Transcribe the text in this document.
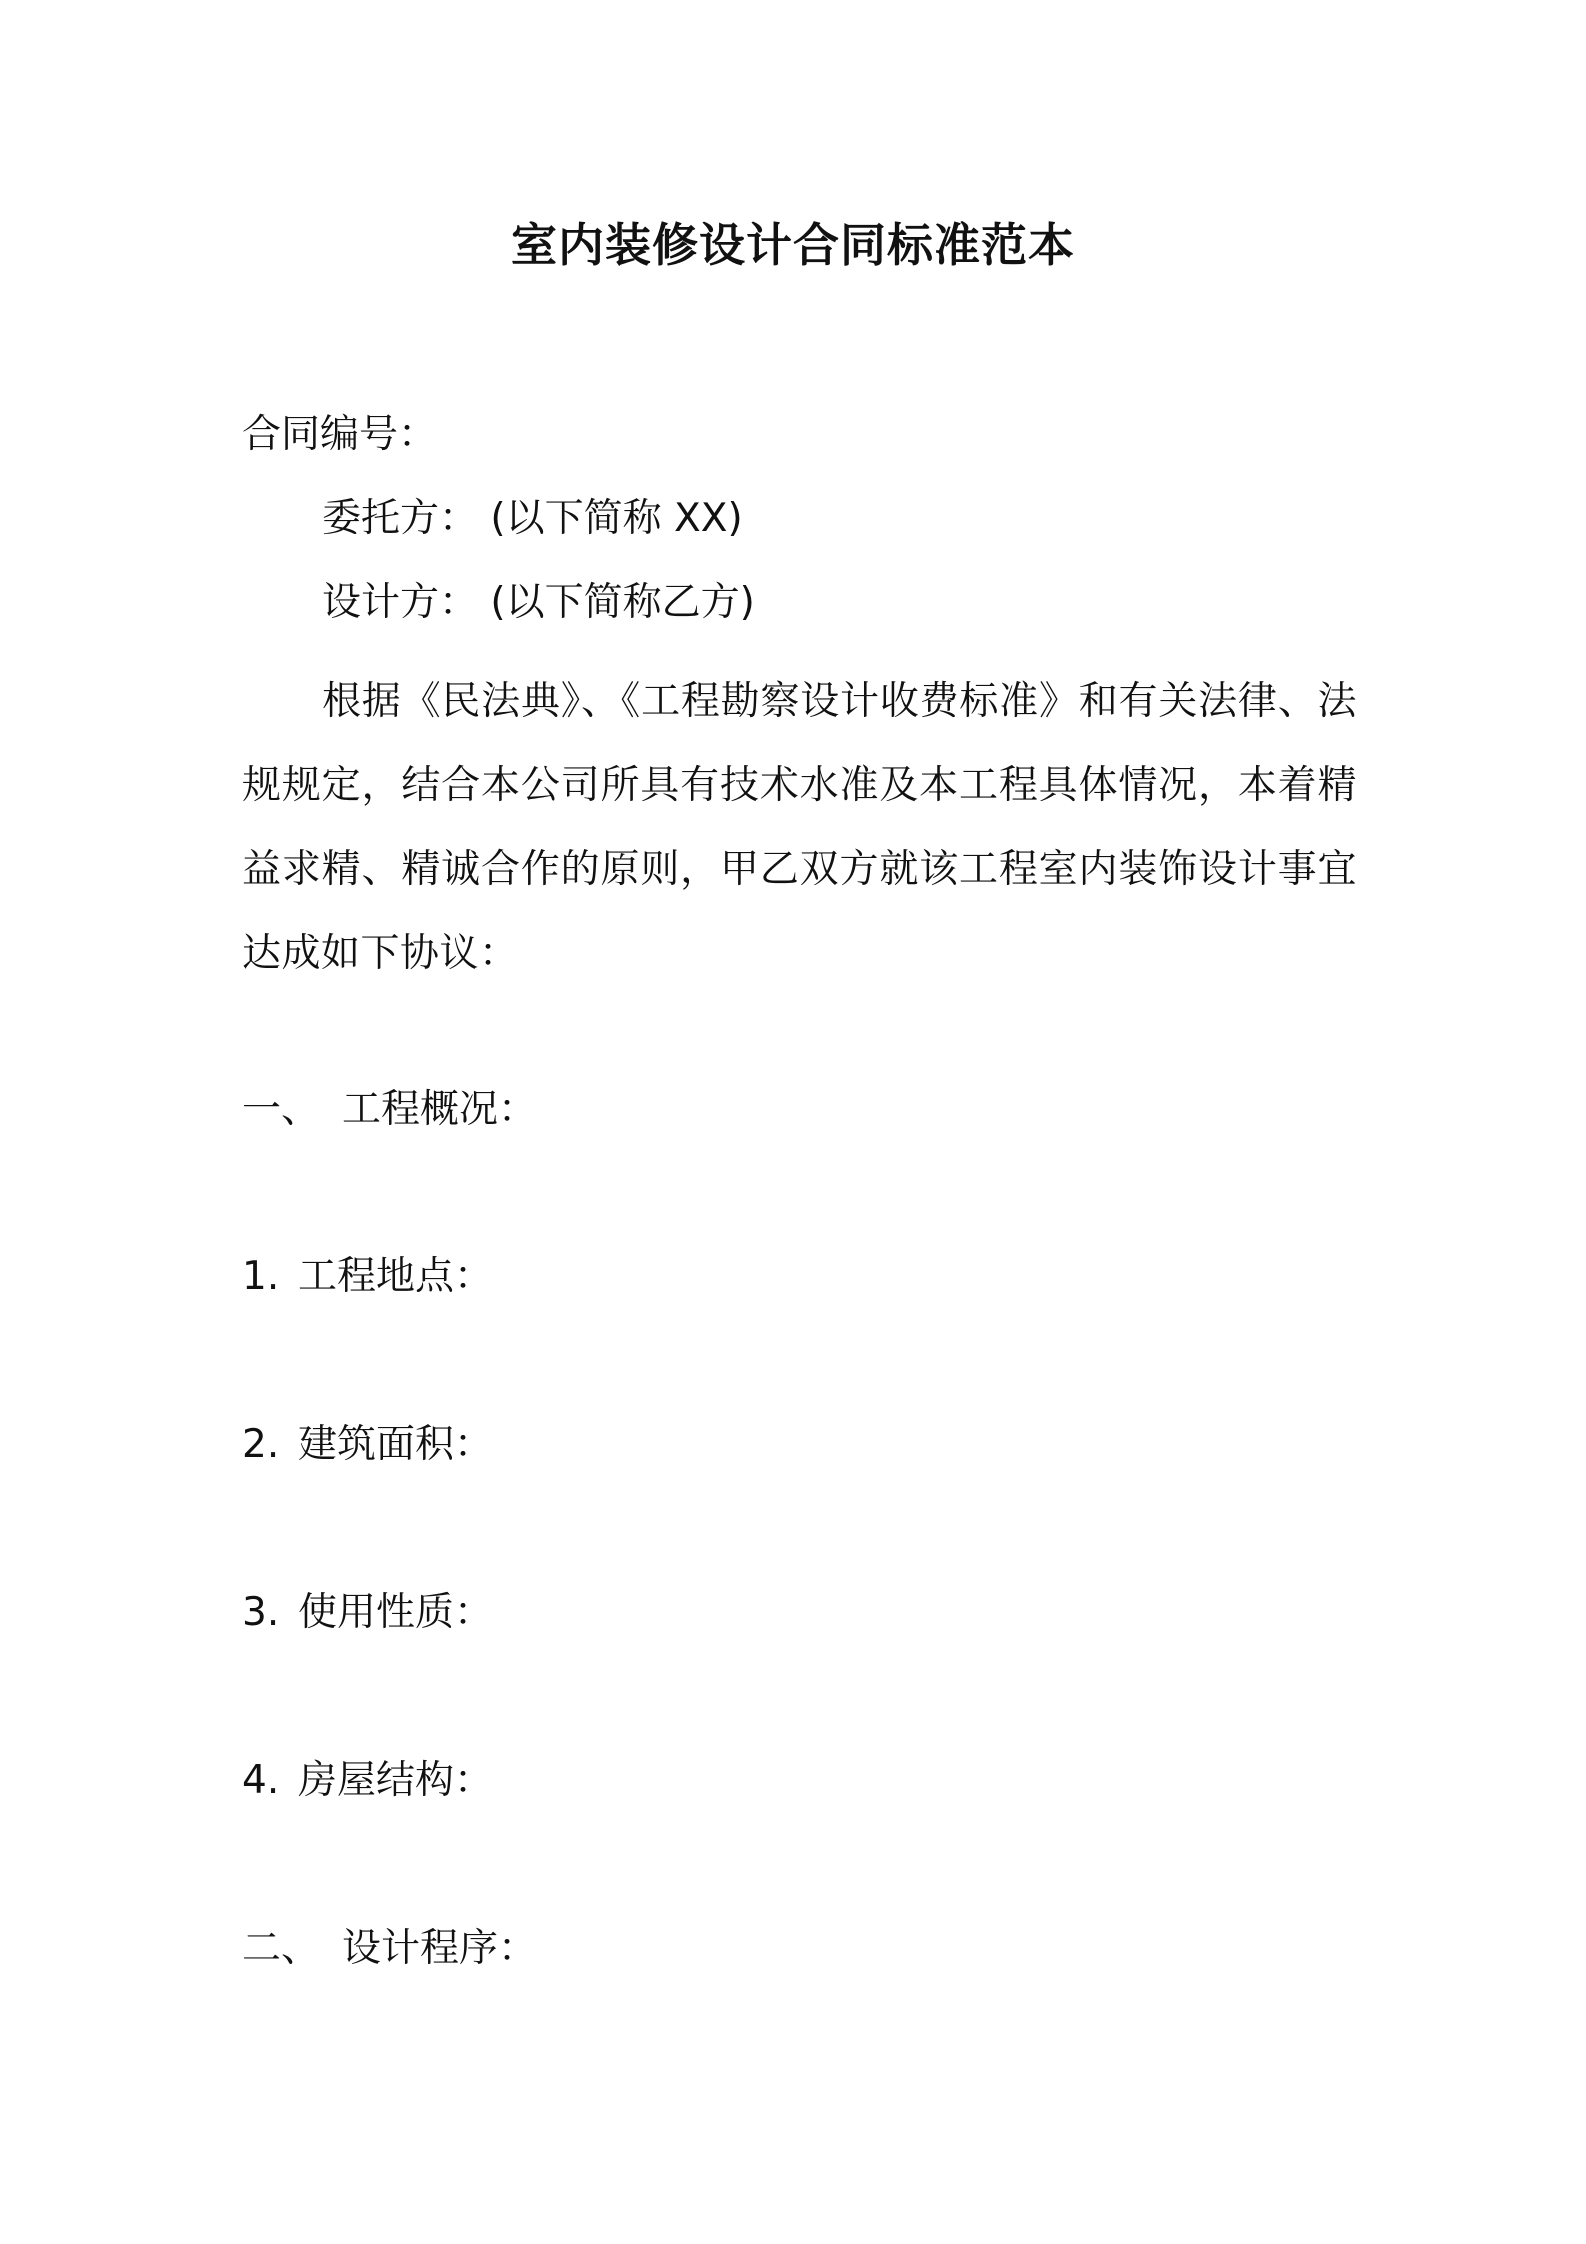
室内装修设计合同标准范本
合同编号：
委托方： (以下简称 XX)
设计方： (以下简称乙方)
根据《民法典》、《工程勘察设计收费标准》和有关法律、法规规定，结合本公司所具有技术水准及本工程具体情况，本着精益求精、精诚合作的原则，甲乙双方就该工程室内装饰设计事宜达成如下协议：
一、 工程概况：
1. 工程地点：
2. 建筑面积：
3. 使用性质：
4. 房屋结构：
二、 设计程序：
